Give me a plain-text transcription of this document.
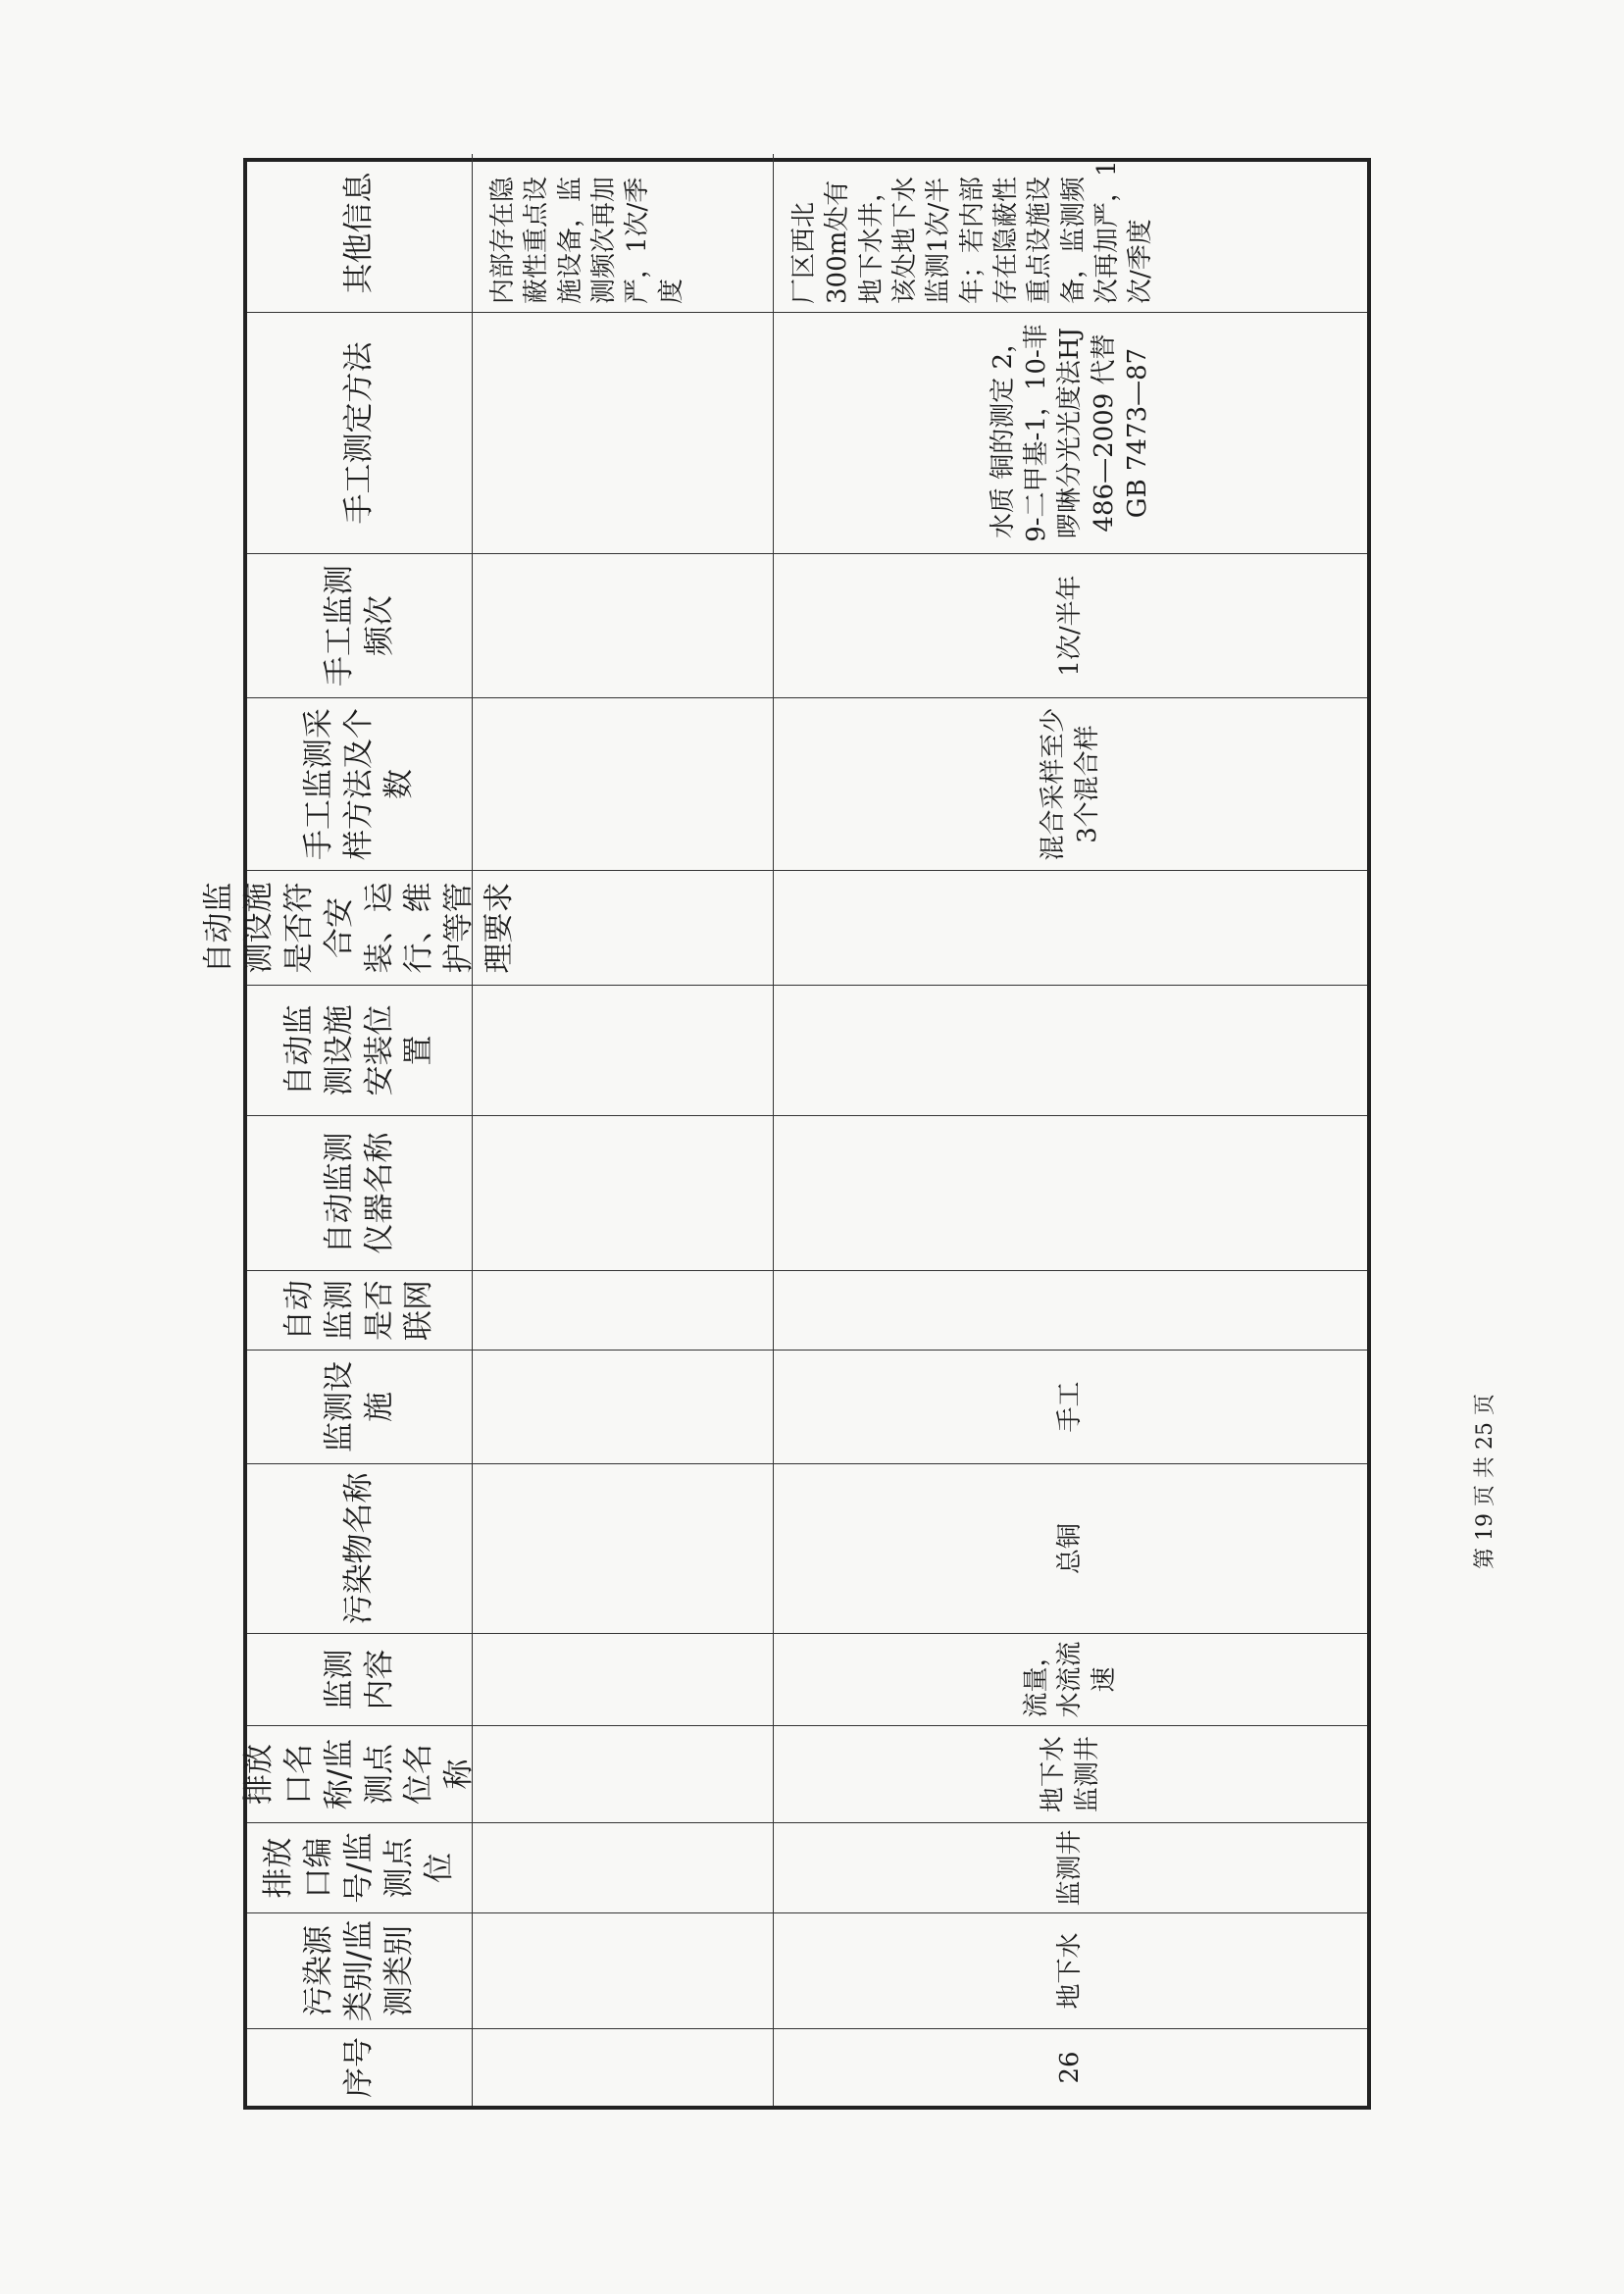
序号
污染源类别/监测类别
排放口编号/监测点位
排放口名称/监测点位名称
监测内容
污染物名称
监测设施
自动监测是否联网
自动监测仪器名称
自动监测设施安装位置
自动监测设施是否符合安装、运行、维护等管理要求
手工监测采样方法及个数
手工监测频次
手工测定方法
其他信息	内部存在隐蔽性重点设施设备，监测频次再加严，1次/季度
26
地下水
监测井
地下水监测井
流量，水流流速
总铜
手工
混合采样至少3个混合样
1次/半年
水质 铜的测定 2，9-二甲基-1，10-菲啰啉分光光度法HJ 486—2009 代替GB 7473—87
厂区西北300m处有地下水井，该处地下水监测1次/半年；若内部存在隐蔽性重点设施设备，监测频次再加严，1次/季度
第 19 页 共 25 页
